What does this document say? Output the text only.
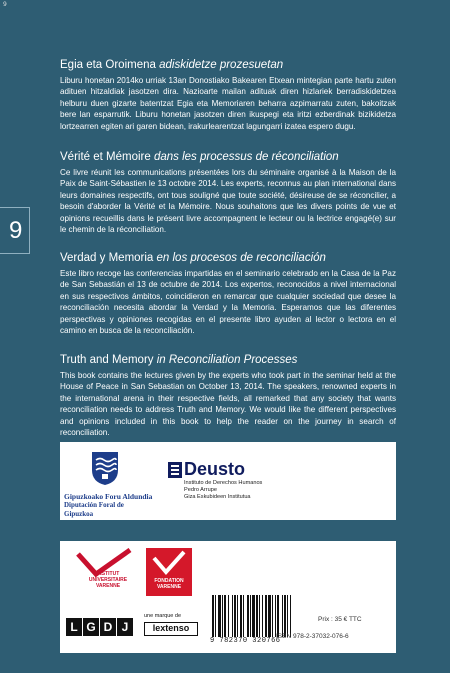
9
9
Egia eta Oroimena adiskidetze prozesuetan

Liburu honetan 2014ko urriak 13an Donostiako Bakearen Etxean mintegian parte hartu zuten adituen hitzaldiak jasotzen dira. Nazioarte mailan adituak diren hizlariek berradiskidetzea helburu duen gizarte batentzat Egia eta Memoriaren beharra azpimarratu zuten, bakoitzak bere lan esparrutik. Liburu honetan jasotzen diren ikuspegi eta iritzi ezberdinak bizikidetza lortzearren egiten ari garen bidean, irakurlearentzat lagungarri izatea espero dugu.

Vérité et Mémoire dans les processus de réconciliation

Ce livre réunit les communications présentées lors du séminaire organisé à la Maison de la Paix de Saint-Sébastien le 13 octobre 2014. Les experts, reconnus au plan international dans leurs domaines respectifs, ont tous souligné que toute société, désireuse de se réconcilier, a besoin d'aborder la Vérité et la Mémoire. Nous souhaitons que les divers points de vue et opinions recueillis dans le présent livre accompagnent le lecteur ou la lectrice engagé(e) sur le chemin de la réconciliation.

Verdad y Memoria en los procesos de reconciliación

Este libro recoge las conferencias impartidas en el seminario celebrado en la Casa de la Paz de San Sebastián el 13 de octubre de 2014. Los expertos, reconocidos a nivel internacional en sus respectivos ámbitos, coincidieron en remarcar que cualquier sociedad que desee la reconciliación necesita abordar la Verdad y la Memoria. Esperamos que las diferentes perspectivas y opiniones recogidas en el presente libro ayuden al lector o lectora en el camino en busca de la reconciliación.

Truth and Memory in Reconciliation Processes

This book contains the lectures given by the experts who took part in the seminar held at the House of Peace in San Sebastian on October 13, 2014. The speakers, renowned experts in the international arena in their respective fields, all remarked that any society that wants reconciliation needs to address Truth and Memory. We would like the different perspectives and opinions included in this book to help the reader on the journey in search of reconciliation.

Gipuzkoako Foru Aldundia
Diputación Foral de Gipuzkoa
Deusto
Instituto de Derechos Humanos
Pedro Arrupe
Giza Eskubideen Institutua
INSTITUT
UNIVERSITAIRE
VARENNE
FONDATION
VARENNE
L G D J
une marque de
lextenso
9 782370 320766
Prix : 35 € TTC
ISBN 978-2-37032-076-6
